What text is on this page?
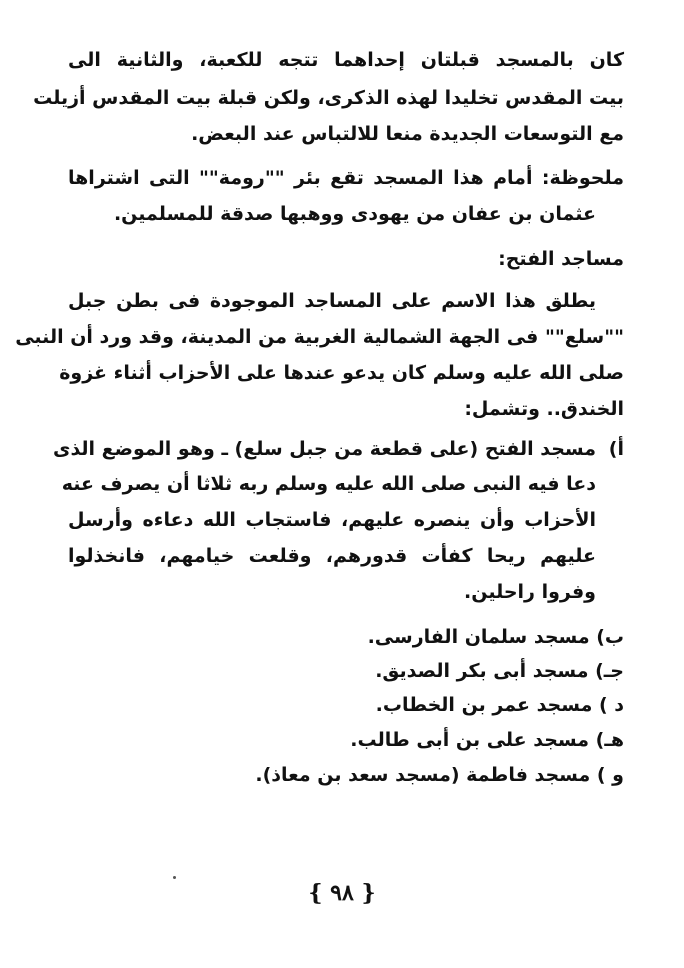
كان بالمسجد قبلتان إحداهما تتجه للكعبة، والثانية الى
بيت المقدس تخليدا لهذه الذكرى، ولكن قبلة بيت المقدس أزيلت
مع التوسعات الجديدة منعا للالتباس عند البعض.
ملحوظة: أمام هذا المسجد تقع بئر ""رومة"" التى اشتراها
عثمان بن عفان من يهودى ووهبها صدقة للمسلمين.
مساجد الفتح:
يطلق هذا الاسم على المساجد الموجودة فى بطن جبل
""سلع"" فى الجهة الشمالية الغربية من المدينة، وقد ورد أن النبى
صلى الله عليه وسلم كان يدعو عندها على الأحزاب أثناء غزوة
الخندق.. وتشمل:
أ)
مسجد الفتح (على قطعة من جبل سلع) ـ وهو الموضع الذى
دعا فيه النبى صلى الله عليه وسلم ربه ثلاثا أن يصرف عنه
الأحزاب وأن ينصره عليهم، فاستجاب الله دعاءه وأرسل
عليهم ريحا كفأت قدورهم، وقلعت خيامهم، فانخذلوا
وفروا راحلين.
ب) مسجد سلمان الفارسى.
جـ) مسجد أبى بكر الصديق.
د ) مسجد عمر بن الخطاب.
هـ) مسجد على بن أبى طالب.
و ) مسجد فاطمة (مسجد سعد بن معاذ).
{ ٩٨ }
